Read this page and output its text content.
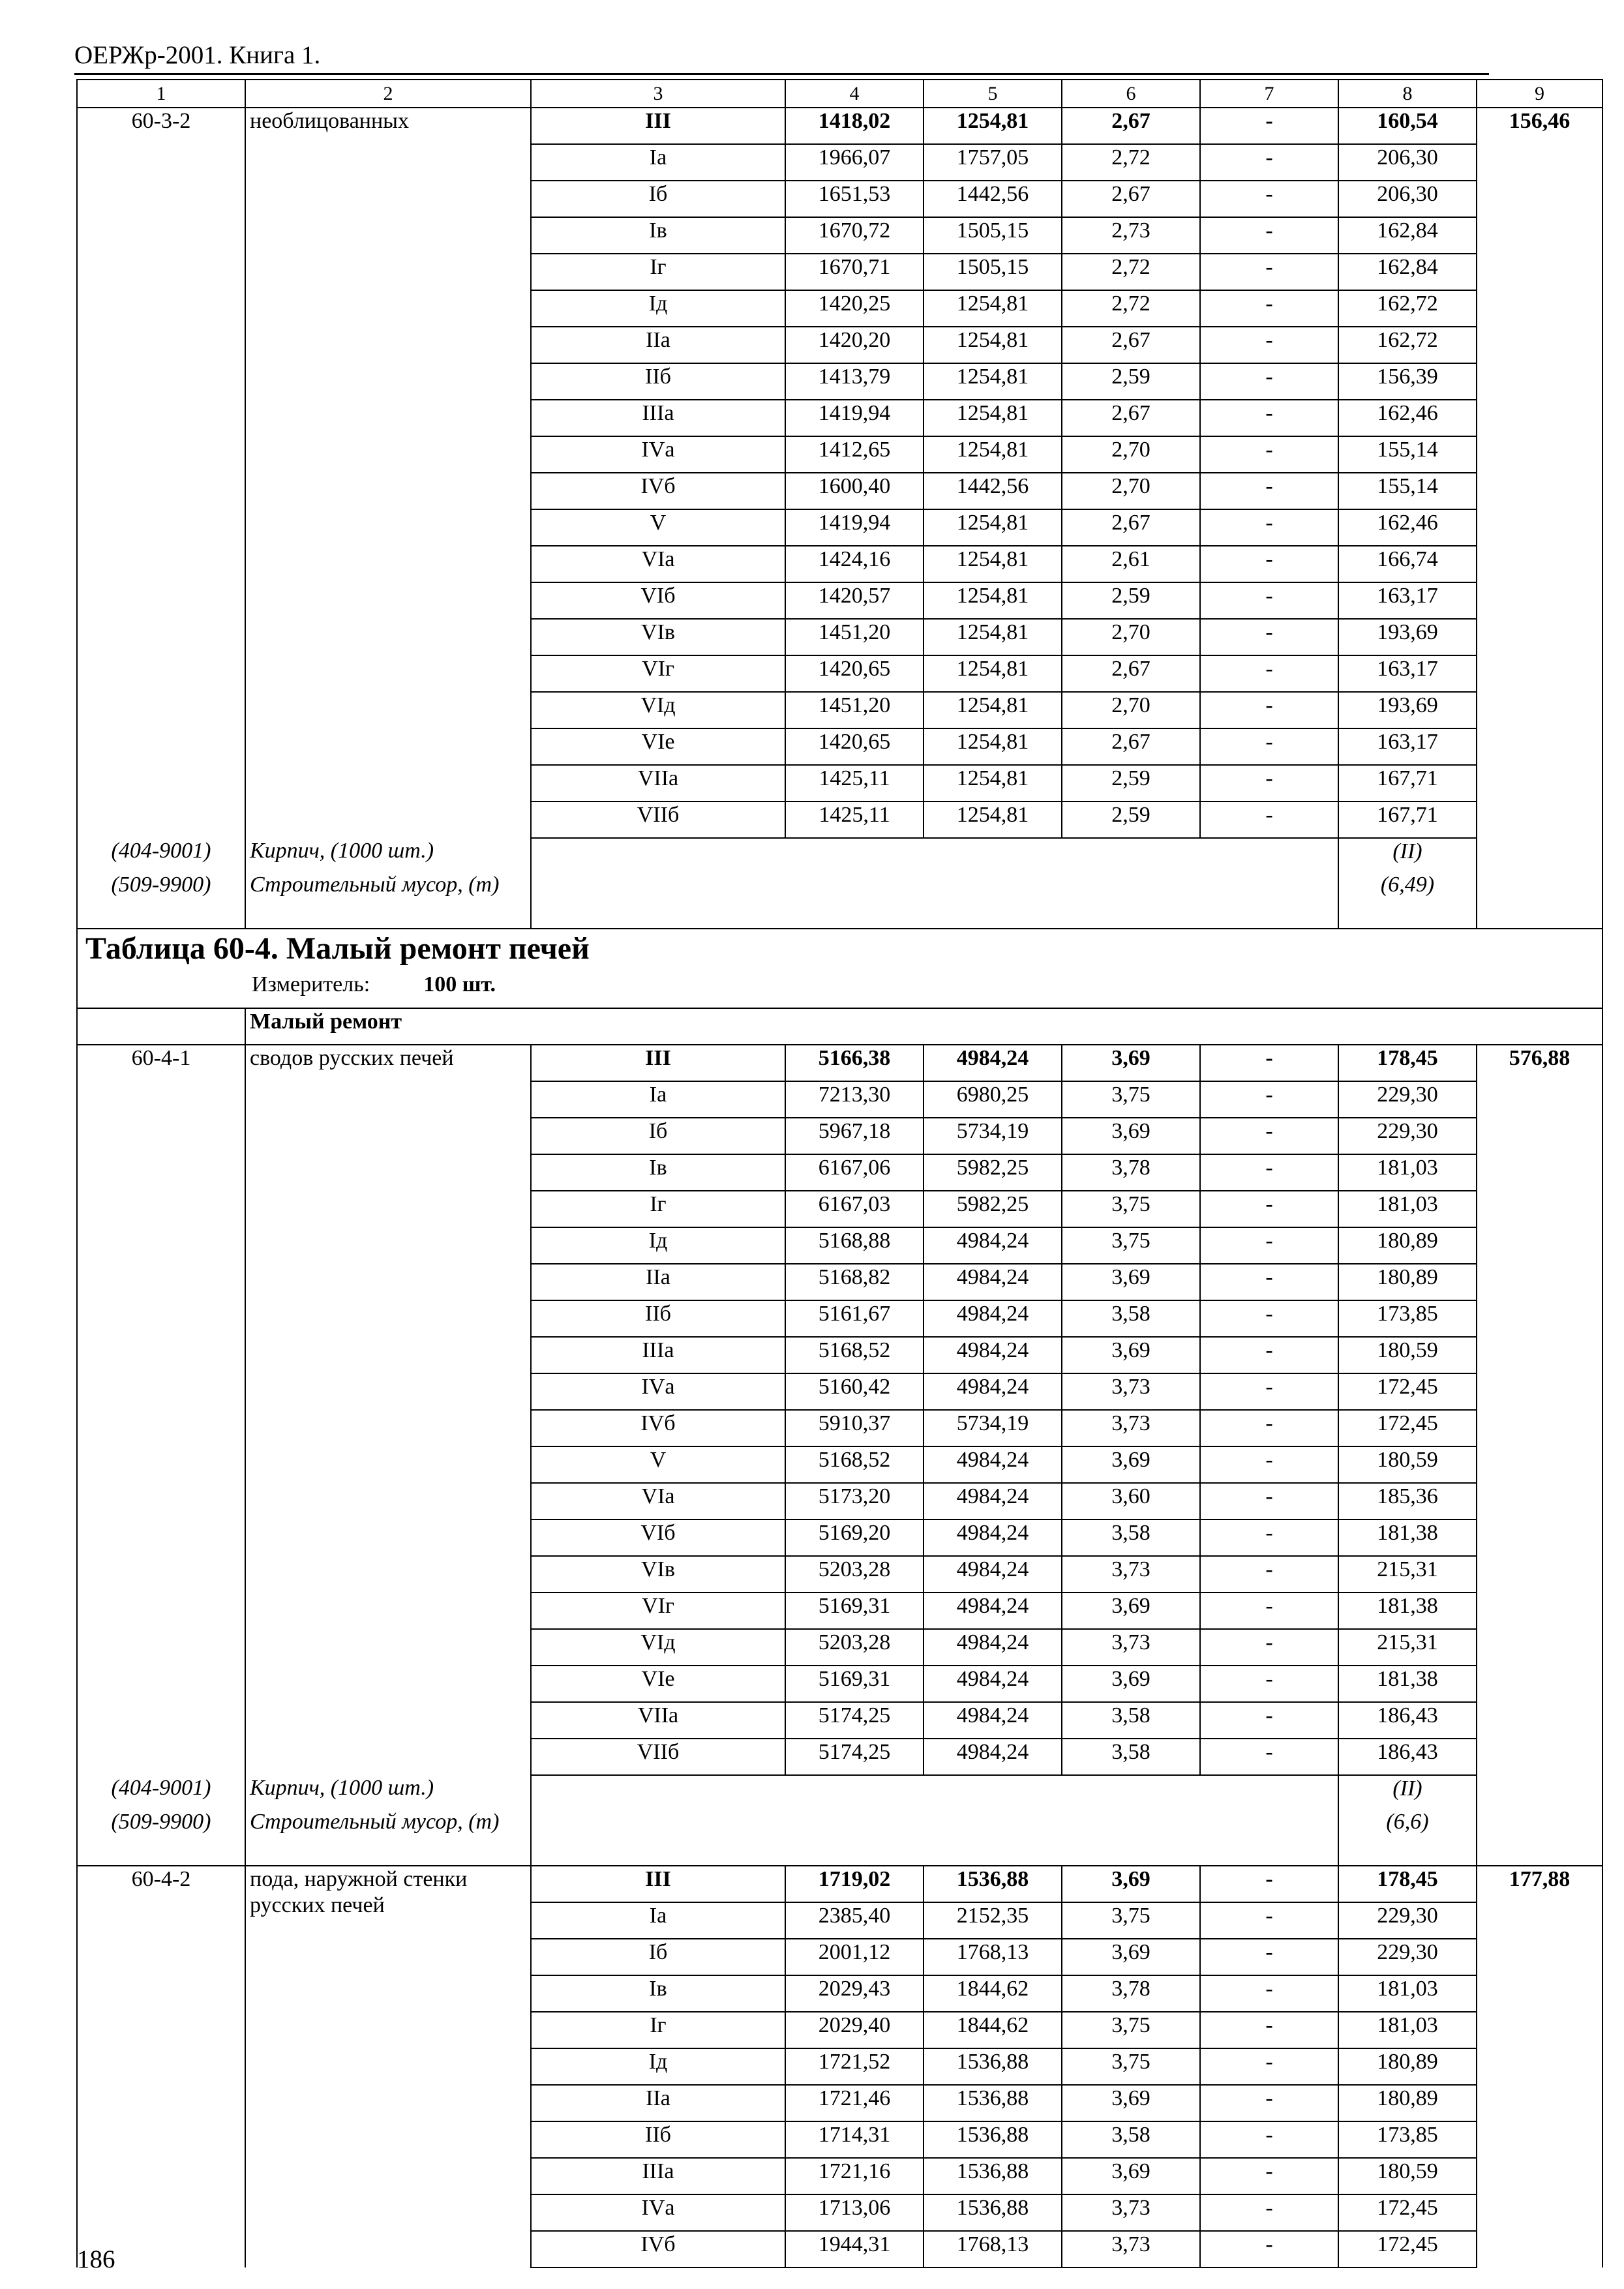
ОЕРЖр-2001. Книга 1.
1	2	3	4	5	6	7	8	9
60-3-2	необлицованных	III	1418,02	1254,81	2,67	-	160,54	156,46
		Iа	1966,07	1757,05	2,72	-	206,30	
		Iб	1651,53	1442,56	2,67	-	206,30	
		Iв	1670,72	1505,15	2,73	-	162,84	
		Iг	1670,71	1505,15	2,72	-	162,84	
		Iд	1420,25	1254,81	2,72	-	162,72	
		IIа	1420,20	1254,81	2,67	-	162,72	
		IIб	1413,79	1254,81	2,59	-	156,39	
		IIIа	1419,94	1254,81	2,67	-	162,46	
		IVа	1412,65	1254,81	2,70	-	155,14	
		IVб	1600,40	1442,56	2,70	-	155,14	
		V	1419,94	1254,81	2,67	-	162,46	
		VIа	1424,16	1254,81	2,61	-	166,74	
		VIб	1420,57	1254,81	2,59	-	163,17	
		VIв	1451,20	1254,81	2,70	-	193,69	
		VIг	1420,65	1254,81	2,67	-	163,17	
		VIд	1451,20	1254,81	2,70	-	193,69	
		VIе	1420,65	1254,81	2,67	-	163,17	
		VIIа	1425,11	1254,81	2,59	-	167,71	
		VIIб	1425,11	1254,81	2,59	-	167,71	
(404-9001)	Кирпич, (1000 шт.)						(II)	
(509-9900)	Строительный мусор, (т)						(6,49)	

Таблица 60-4. Малый ремонт печей
Измеритель: 100 шт.								

	Малый ремонт							
60-4-1	сводов русских печей	III	5166,38	4984,24	3,69	-	178,45	576,88
		Iа	7213,30	6980,25	3,75	-	229,30	
		Iб	5967,18	5734,19	3,69	-	229,30	
		Iв	6167,06	5982,25	3,78	-	181,03	
		Iг	6167,03	5982,25	3,75	-	181,03	
		Iд	5168,88	4984,24	3,75	-	180,89	
		IIа	5168,82	4984,24	3,69	-	180,89	
		IIб	5161,67	4984,24	3,58	-	173,85	
		IIIа	5168,52	4984,24	3,69	-	180,59	
		IVа	5160,42	4984,24	3,73	-	172,45	
		IVб	5910,37	5734,19	3,73	-	172,45	
		V	5168,52	4984,24	3,69	-	180,59	
		VIа	5173,20	4984,24	3,60	-	185,36	
		VIб	5169,20	4984,24	3,58	-	181,38	
		VIв	5203,28	4984,24	3,73	-	215,31	
		VIг	5169,31	4984,24	3,69	-	181,38	
		VIд	5203,28	4984,24	3,73	-	215,31	
		VIе	5169,31	4984,24	3,69	-	181,38	
		VIIа	5174,25	4984,24	3,58	-	186,43	
		VIIб	5174,25	4984,24	3,58	-	186,43	
(404-9001)	Кирпич, (1000 шт.)						(II)	
(509-9900)	Строительный мусор, (т)						(6,6)	
60-4-2	пода, наружной стенки русских печей	III	1719,02	1536,88	3,69	-	178,45	177,88
		Iа	2385,40	2152,35	3,75	-	229,30	
		Iб	2001,12	1768,13	3,69	-	229,30	
		Iв	2029,43	1844,62	3,78	-	181,03	
		Iг	2029,40	1844,62	3,75	-	181,03	
		Iд	1721,52	1536,88	3,75	-	180,89	
		IIа	1721,46	1536,88	3,69	-	180,89	
		IIб	1714,31	1536,88	3,58	-	173,85	
		IIIа	1721,16	1536,88	3,69	-	180,59	
		IVа	1713,06	1536,88	3,73	-	172,45	
		IVб	1944,31	1768,13	3,73	-	172,45	
186
